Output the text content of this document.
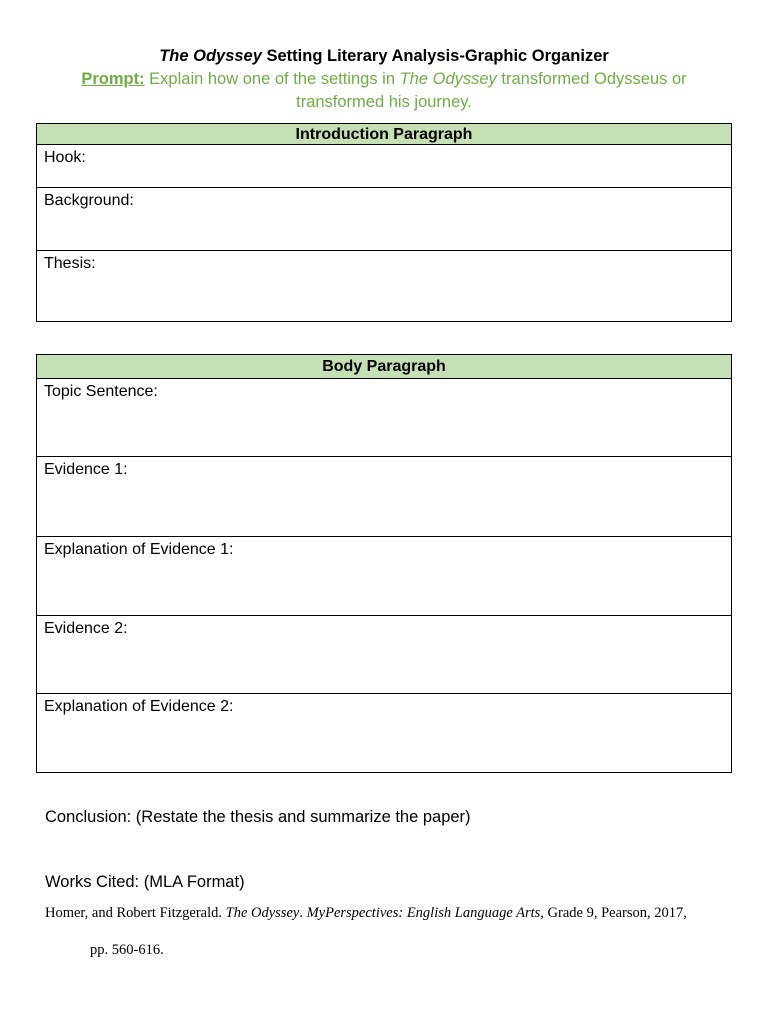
The Odyssey Setting Literary Analysis-Graphic Organizer
Prompt: Explain how one of the settings in The Odyssey transformed Odysseus or transformed his journey.
Introduction Paragraph
Hook:
Background:
Thesis:
Body Paragraph
Topic Sentence:
Evidence 1:
Explanation of Evidence 1:
Evidence 2:
Explanation of Evidence 2:
Conclusion: (Restate the thesis and summarize the paper)
Works Cited: (MLA Format)
Homer, and Robert Fitzgerald. The Odyssey. MyPerspectives: English Language Arts, Grade 9, Pearson, 2017,
pp. 560-616.
